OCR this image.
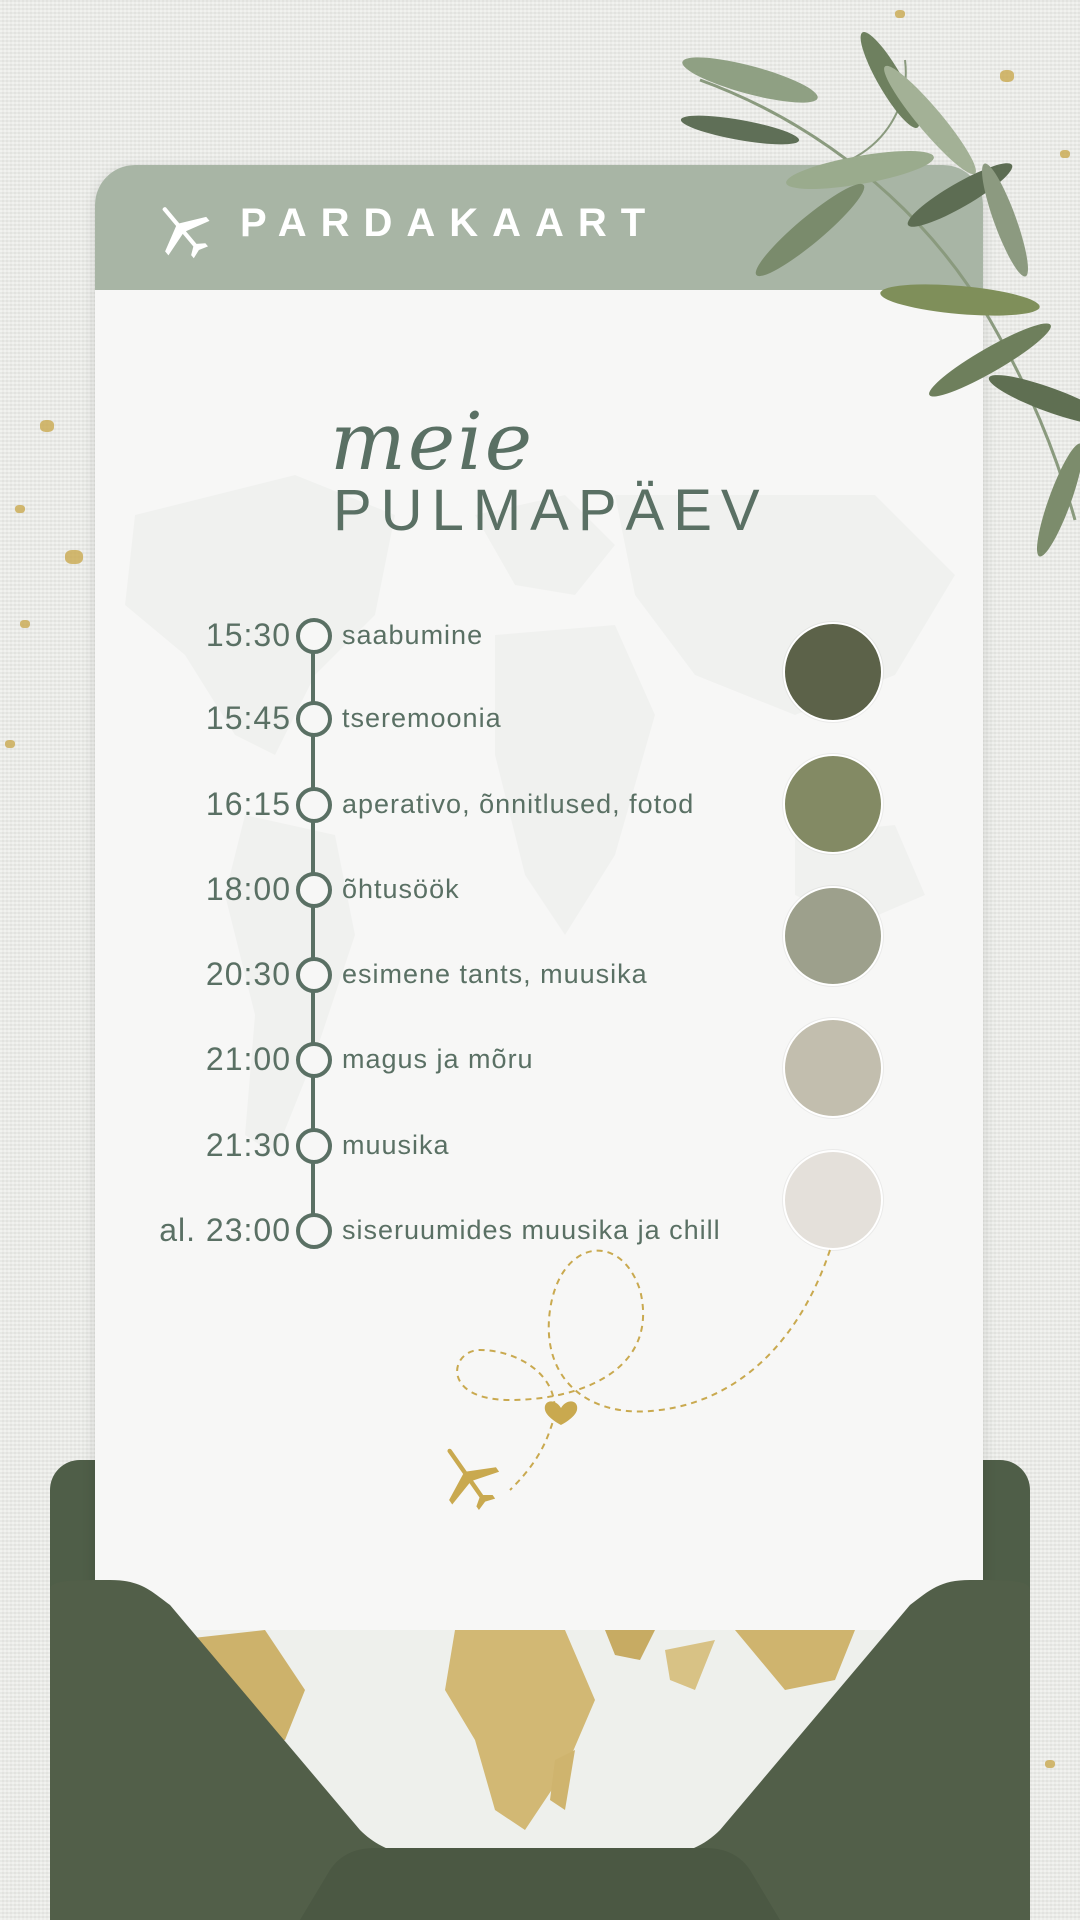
PARDAKAART
meie
PULMAPÄEV
15:30 saabumine
15:45 tseremoonia
16:15 aperativo, õnnitlused, fotod
18:00 õhtusöök
20:30 esimene tants, muusika
21:00 magus ja mõru
21:30 muusika
al. 23:00 siseruumides muusika ja chill
